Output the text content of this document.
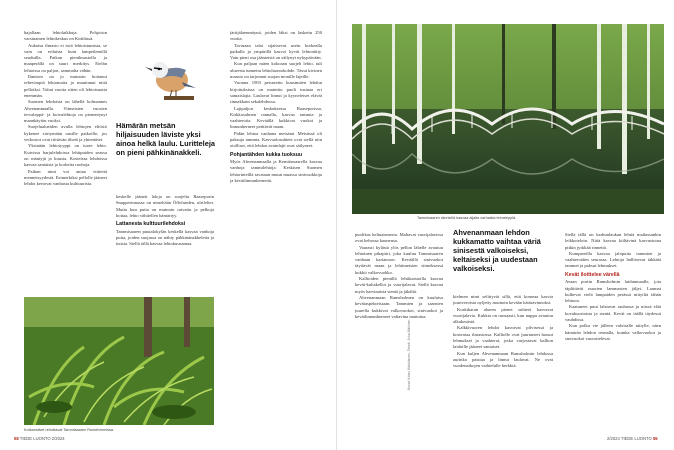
hajallaan lehtolaikkuja. Pohjoisin varsinainen lehtokeskus on Kittilässä.

Aukaisu ilmasto ei estä lehtoistumista, se vain on erilaista kuin lampeilemillä seuduilla. Paikan pienilmastolla ja maaperällä on suuri merkitys. Etelän lehtoissa on paljon, sammalia vähän.

Ihmisen on jo muinoin hoitanut rehevimpiä lehtomaita ja muuttanut niitä pelloiksi. Tuhat vuotta sitten oli lehtoisuutta enemmän.

Suomen lehdoista on lähellä kolmannes Ahvenanmaalla. Viimeisten vuosien tervaleppä- ja koivulehtoja on pienentynyt maankäytön vuoksi.

Suojelualueiden avulla lehtojen eliöstö kykenee siirtymään uusille paikoille, jos verkostot ovat riittävän tiheät ja yhtenäiset.

Yksinään lehtotyyppi on tuore lehto. Kuivissa harjulehdoissa lehtipuiden seassa on mäntyjä ja kuusia. Kosteissa lehdoissa kasvaa saniaisia ja korkeita ruohoja.

Paikan nimi voi antaa viitteitä menneisyydestä. Esimerkiksi pellolle jääneet lehdot kertovat vanhasta kulttuurista.

Hämärän metsän hiljaisuuden läviste yksi ainoa helkä laulu. Luritteleja on pieni pähkinänakkeli.

keskelle jääneit laloja on suojeltu Raaseporin Snappertunassa on nimeltään Öffefunden, ulrifelter. Mutta kun puita on muinoin raivattu ja pelkoja hoitaa, lehto vähitellen hämärtyy.

Lattanesta kulttuurilehdoksi

Tammisaaren puutalokylän keskellä kasvaa vanhoja puita, joiden suojassa on nähty pähkinänakkeleita ja tiaisia. Siellä tällä kasvaa lehtokuusamaa.

järtijälaenmäynä, joiden läksi on laskettu 250 vuotta.

Tavaraan talot sijaitsevat usein korkealla paikalla ja ympärillä kasvoi hyvät lehtoniitty. Vain pieni osa jäänteistä on säilynyt nykypäivään.

Kun paljaan mäen kokoaan suojeli lehto, tuli alueesta tunnettu lehtoluontokohde. Tässä kivinen maasto on tarjonnut suojan monille lajeille.

Vuonna 1903 perustettu kuusimäen lehdon kirjoituksissa on mainittu puoli tusinaa eri saniaislajia. Laulavat linnut ja kyyneleiset elävät rinnakkain sekalehdossa.

Lajipaljon keskuksessa Raaseporissa, Kirkkosalmen rannalla, kasvaa tammia ja vaahteroita. Keväällä kukkivat vuokot ja linnunherneet peittävät maan.

Pidän lehtoa vanhana metsänä. Metsässä oli paksuja tammia. Kasvuolosuhteet ovat siellä niin otolliset, että lehdon avainlajit ovat säilyneet.

Pohjantähden kukka tuoksuu

Myös Ahvenanmaalla ja Kemiönsaarella kasvaa vanhoja tammilehtoja. Keskisen Suomen lehtorinteillä tavataan muun muassa sinivuokkoja ja kevätlinnunherneitä.

Kotkansiivet rehottavat Tammisaaren Rumelvinmissa.
58 TIEDE LUONTO 2/2024
Tammisaaren ränniellä kasvaa aljalta varhaisia tervaleppiä.
Kuvat: Kaisu Kärkkäinen, Teksti: Juha Mäkinen

puolikas keltuaismerta. Maltavat vuorijalavissa ovat kehossa kauneusa.

Vaarasti kylästä ylös pellon lähelle avautuu lehtoinen pihapiiri, joka kuuluu Tammisaaren vanhaan kartanoon. Keväällä sinivuokot täyttävät maan ja lehtimetsien siimeksessä kukkii valkovuokko.

Kallioiden pienillä lehtikaistoilla kasvaa kevät-kultakellot ja vuorijalavat. Siellä kasvaa myös harvinaisia sieniä ja jäkäliä.

Ahvenanmaan Ramsholmen on kuuluisa kevätaspekteistaan. Tammien ja saarnien juurella kukkivat valkovuokot, sinivuokot ja kevätlinnunherneet valtavina mattoina.

Ahvenanmaan lehdon kukkamatto vaihtaa väriä sinisestä valkoiseksi, keltaiseksi ja uudestaan valkoiseksi.

kielmen nimi selittyvät sillä, että komeaa kasvia juuriveroista nyljetty muinoin kevään hätäravinnoksi.

Koskikaran alueen pienet suhteet kasvavat vuorijalavia. Kukkia on runsaasti, kun nuppu avautuu alkukesästä.

Kalkkivuoren lehdot kasvavat pilvisessä ja kosteassa ilmastossa. Kalliolle ovat juurtuneet hassut lehmukset ja vaahterat, jotka varjostavat kallion laidoille jääneet saniaiset.

Kun kuljen Ahvenanmaan Ramsholmin lehdossa aurinko paistaa ja linnut laulavat. Ne ovat vuodenaikojen vaihtelulle herkkiä.

Siellä tällä on karhunlaukan lehtiä mailassankin leikkoteloin. Niitä kasvaa kiiltävinä kasvustoina pitkin jyrkkää rinnettä.

Kumpareilla kasvaa jalopuita tammien ja vaahteroiden seurassa. Lehtoja hallitsevat iäkkäät tammet ja paksut lehmukset.

Kevät iloittelee värellä

Avaan portin Ramsholmin laidunmaalle, jota täplittävät nuorien lammasten jäljet. Laumat kulkevat vielä lampaiden perässä niityiltä tähän lehtoon.

Kaatuneet puut lahoavat rauhassa ja niissä elää kovakuoriaisia ja sieniä. Kevät on täällä täydessä vauhdissa.

Kun polku vie jälleen valoisalle niitylle, näen hämärän lehdon reunalla, kuinka valkovuokot ja sinivuokot vuorottelevat.

2/2024 TIEDE LUONTO 55
